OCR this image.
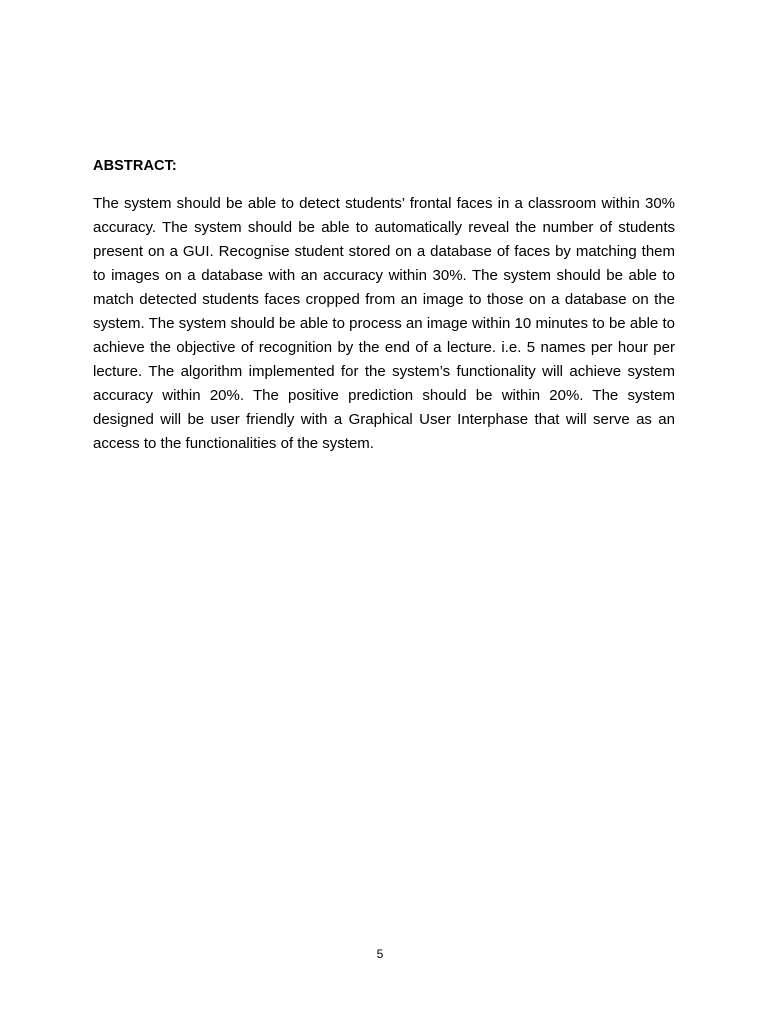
ABSTRACT:

The system should be able to detect students’ frontal faces in a classroom within 30% accuracy. The system should be able to automatically reveal the number of students present on a GUI. Recognise student stored on a database of faces by matching them to images on a database with an accuracy within 30%. The system should be able to match detected students faces cropped from an image to those on a database on the system. The system should be able to process an image within 10 minutes to be able to achieve the objective of recognition by the end of a lecture. i.e. 5 names per hour per lecture. The algorithm implemented for the system’s functionality will achieve system accuracy within 20%. The positive prediction should be within 20%. The system designed will be user friendly with a Graphical User Interphase that will serve as an access to the functionalities of the system.

5
